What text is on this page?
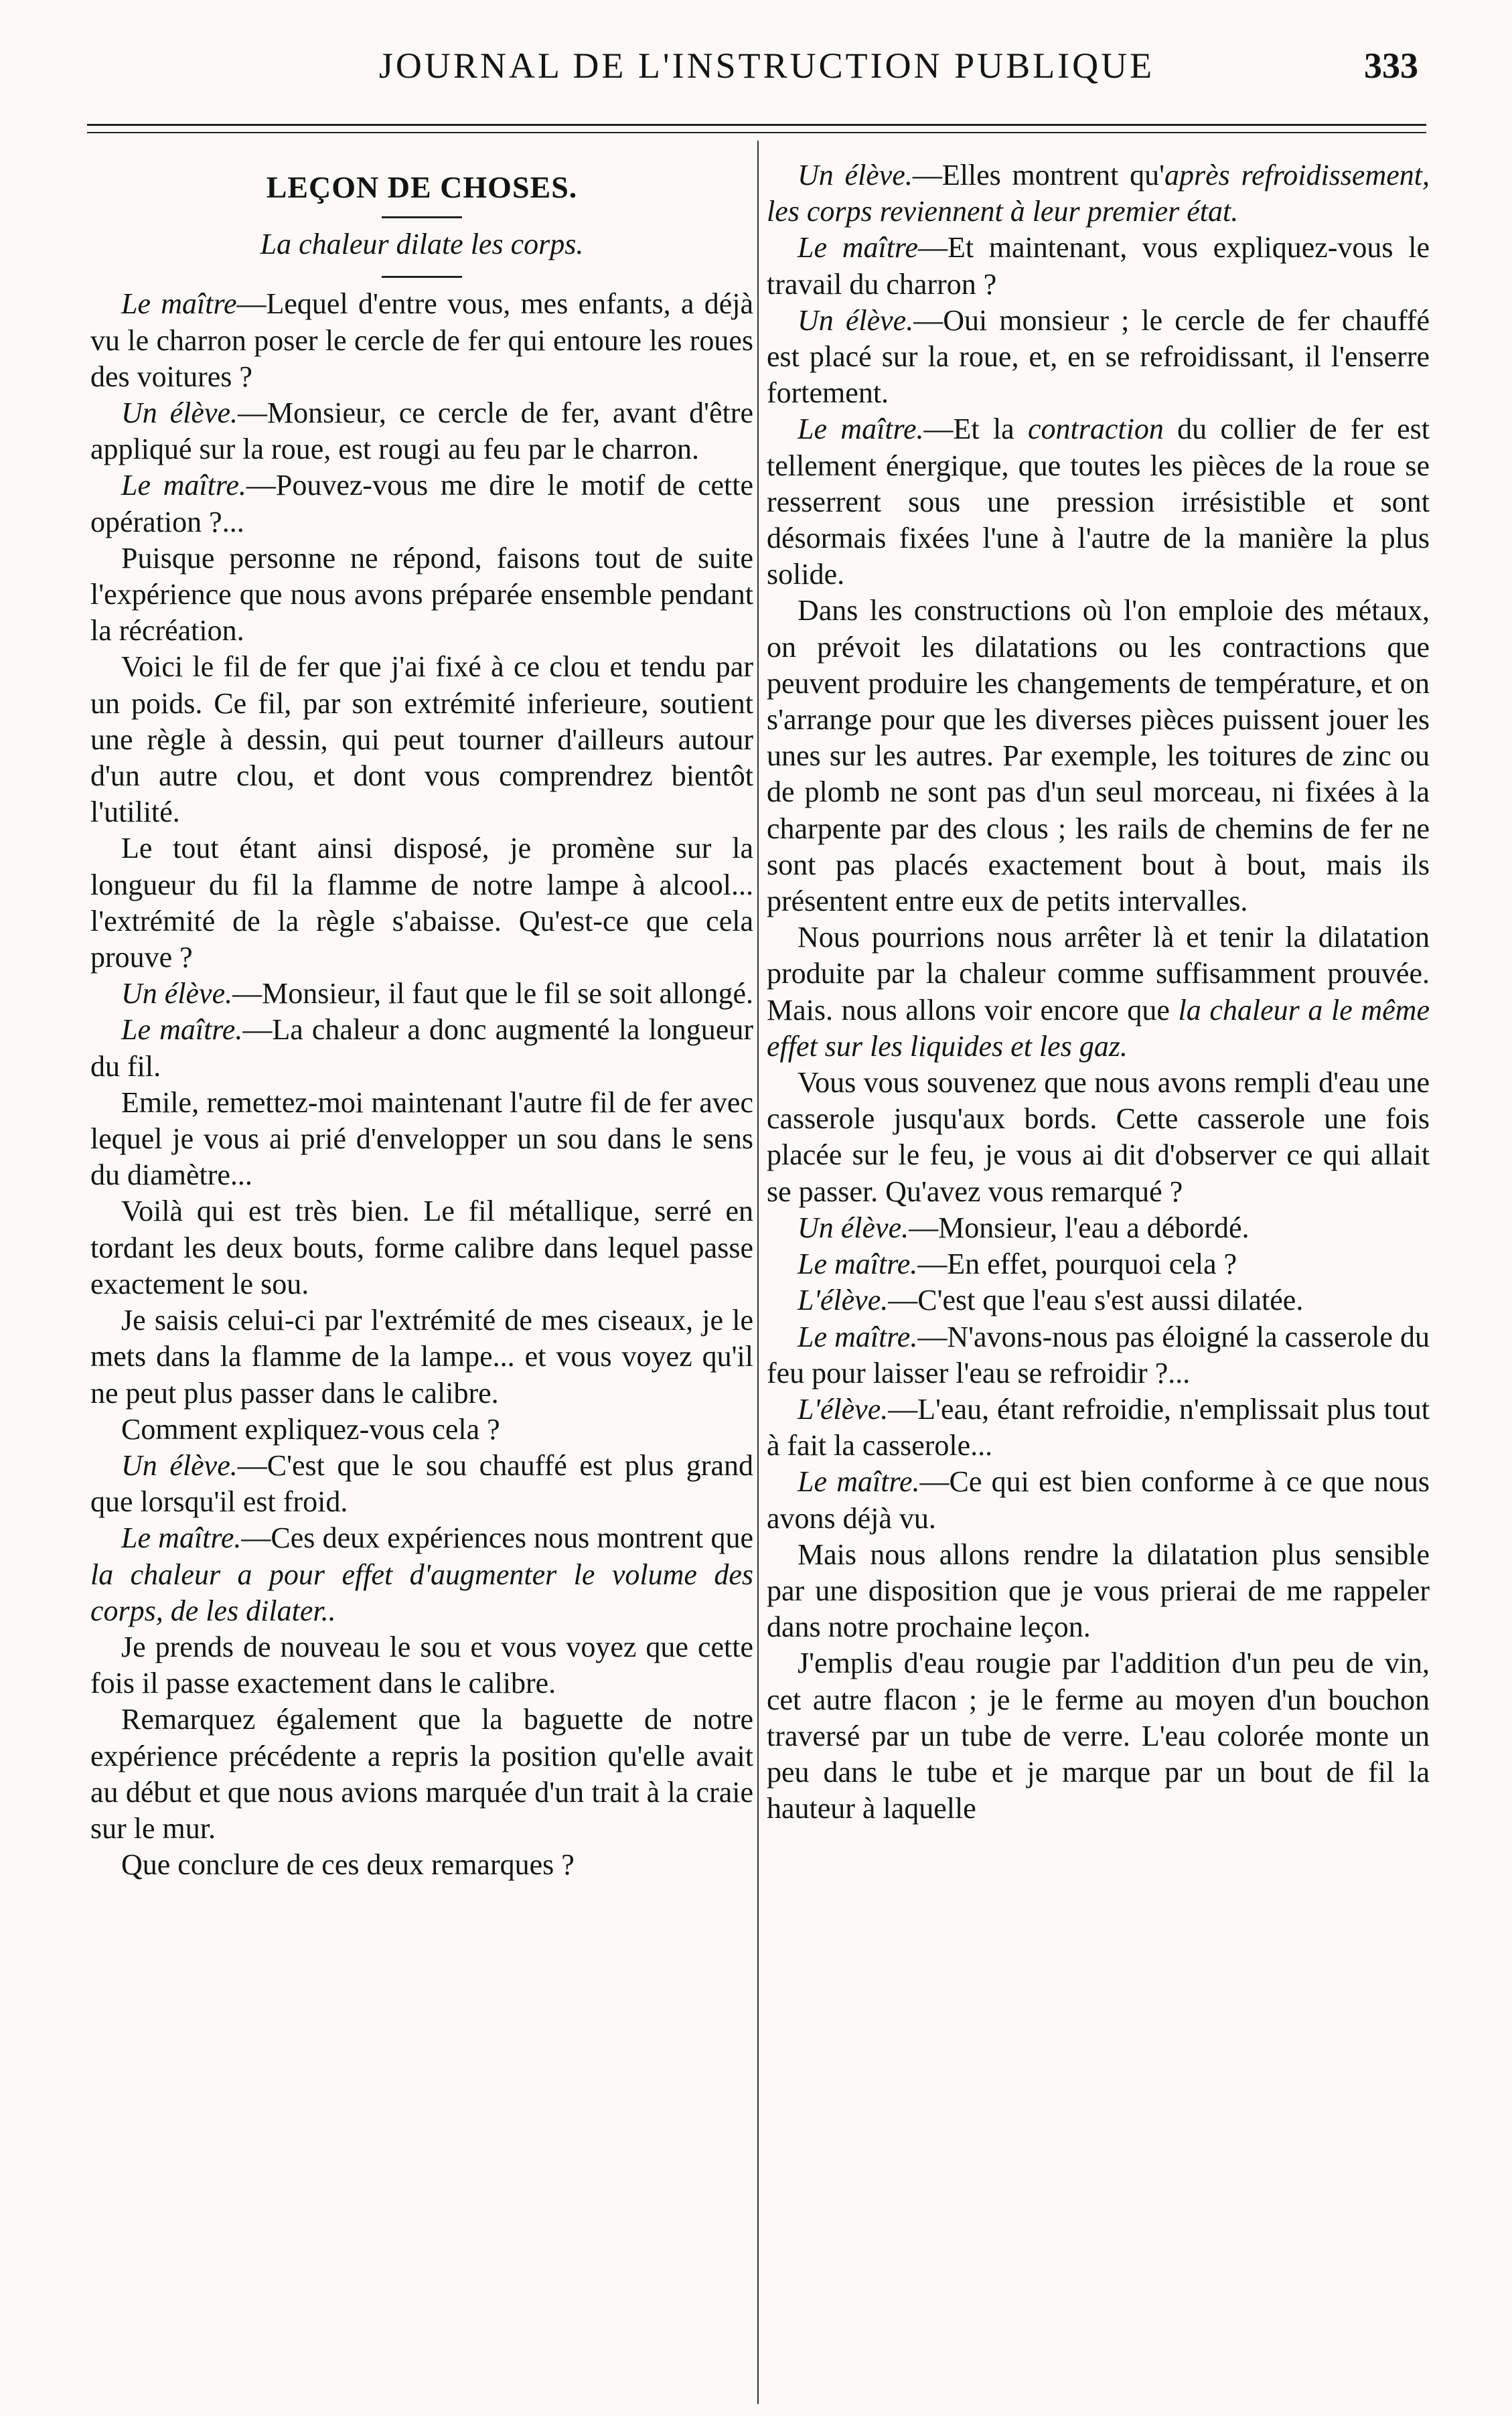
JOURNAL DE L'INSTRUCTION PUBLIQUE	333
LEÇON DE CHOSES.
La chaleur dilate les corps.

Le maître—Lequel d'entre vous, mes enfants, a déjà vu le charron poser le cercle de fer qui entoure les roues des voitures ?

Un élève.—Monsieur, ce cercle de fer, avant d'être appliqué sur la roue, est rougi au feu par le charron.

Le maître.—Pouvez-vous me dire le motif de cette opération ?...

Puisque personne ne répond, faisons tout de suite l'expérience que nous avons préparée ensemble pendant la récréation.

Voici le fil de fer que j'ai fixé à ce clou et tendu par un poids. Ce fil, par son extrémité inferieure, soutient une règle à dessin, qui peut tourner d'ailleurs autour d'un autre clou, et dont vous comprendrez bientôt l'utilité.

Le tout étant ainsi disposé, je promène sur la longueur du fil la flamme de notre lampe à alcool... l'extrémité de la règle s'abaisse. Qu'est-ce que cela prouve ?

Un élève.—Monsieur, il faut que le fil se soit allongé.

Le maître.—La chaleur a donc augmenté la longueur du fil.

Emile, remettez-moi maintenant l'autre fil de fer avec lequel je vous ai prié d'envelopper un sou dans le sens du diamètre...

Voilà qui est très bien. Le fil métallique, serré en tordant les deux bouts, forme calibre dans lequel passe exactement le sou.

Je saisis celui-ci par l'extrémité de mes ciseaux, je le mets dans la flamme de la lampe... et vous voyez qu'il ne peut plus passer dans le calibre.

Comment expliquez-vous cela ?

Un élève.—C'est que le sou chauffé est plus grand que lorsqu'il est froid.

Le maître.—Ces deux expériences nous montrent que la chaleur a pour effet d'augmenter le volume des corps, de les dilater..

Je prends de nouveau le sou et vous voyez que cette fois il passe exactement dans le calibre.

Remarquez également que la baguette de notre expérience précédente a repris la position qu'elle avait au début et que nous avions marquée d'un trait à la craie sur le mur.

Que conclure de ces deux remarques ?

Un élève.—Elles montrent qu'après refroidissement, les corps reviennent à leur premier état.

Le maître—Et maintenant, vous expliquez-vous le travail du charron ?

Un élève.—Oui monsieur ; le cercle de fer chauffé est placé sur la roue, et, en se refroidissant, il l'enserre fortement.

Le maître.—Et la contraction du collier de fer est tellement énergique, que toutes les pièces de la roue se resserrent sous une pression irrésistible et sont désormais fixées l'une à l'autre de la manière la plus solide.

Dans les constructions où l'on emploie des métaux, on prévoit les dilatations ou les contractions que peuvent produire les changements de température, et on s'arrange pour que les diverses pièces puissent jouer les unes sur les autres. Par exemple, les toitures de zinc ou de plomb ne sont pas d'un seul morceau, ni fixées à la charpente par des clous ; les rails de chemins de fer ne sont pas placés exactement bout à bout, mais ils présentent entre eux de petits intervalles.

Nous pourrions nous arrêter là et tenir la dilatation produite par la chaleur comme suffisamment prouvée. Mais. nous allons voir encore que la chaleur a le même effet sur les liquides et les gaz.

Vous vous souvenez que nous avons rempli d'eau une casserole jusqu'aux bords. Cette casserole une fois placée sur le feu, je vous ai dit d'observer ce qui allait se passer. Qu'avez vous remarqué ?

Un élève.—Monsieur, l'eau a débordé.

Le maître.—En effet, pourquoi cela ?

L'élève.—C'est que l'eau s'est aussi dilatée.

Le maître.—N'avons-nous pas éloigné la casserole du feu pour laisser l'eau se refroidir ?...

L'élève.—L'eau, étant refroidie, n'emplissait plus tout à fait la casserole...

Le maître.—Ce qui est bien conforme à ce que nous avons déjà vu.

Mais nous allons rendre la dilatation plus sensible par une disposition que je vous prierai de me rappeler dans notre prochaine leçon.

J'emplis d'eau rougie par l'addition d'un peu de vin, cet autre flacon ; je le ferme au moyen d'un bouchon traversé par un tube de verre. L'eau colorée monte un peu dans le tube et je marque par un bout de fil la hauteur à laquelle
